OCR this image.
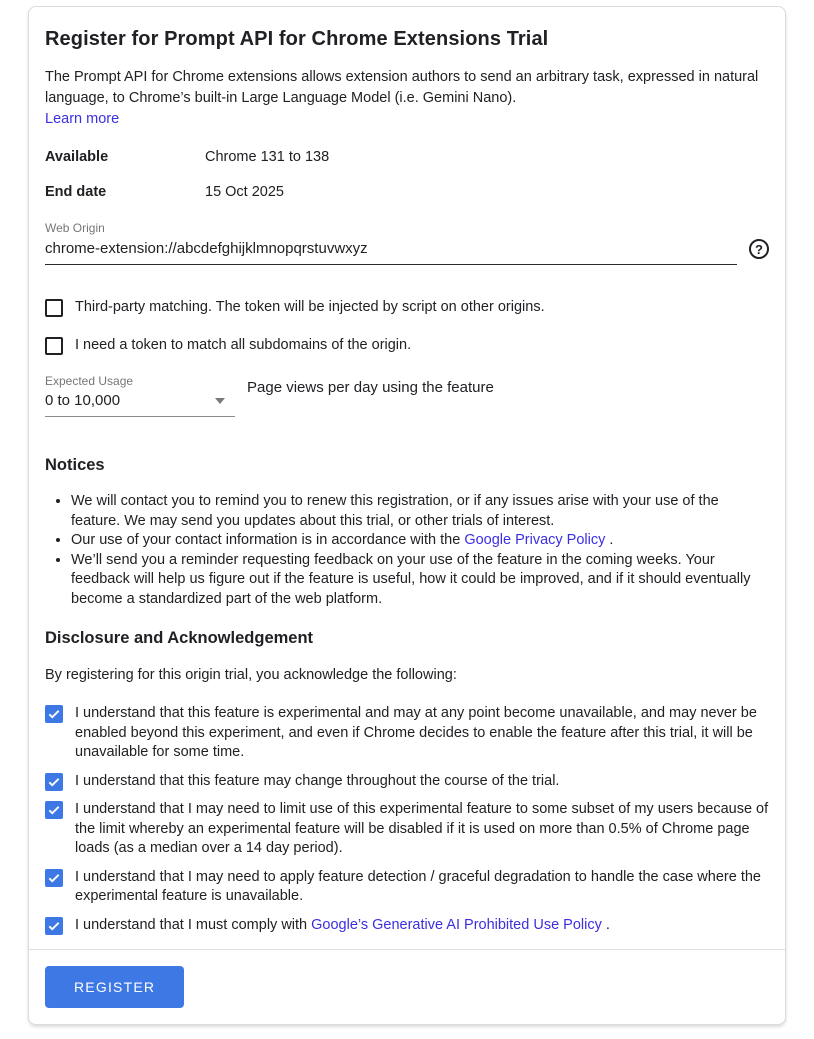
Register for Prompt API for Chrome Extensions Trial

The Prompt API for Chrome extensions allows extension authors to send an arbitrary task, expressed in natural language, to Chrome’s built-in Large Language Model (i.e. Gemini Nano).

Learn more
Available	Chrome 131 to 138
End date	15 Oct 2025
Web Origin
chrome-extension://abcdefghijklmnopqrstuvwxyz
?
Third-party matching. The token will be injected by script on other origins.
I need a token to match all subdomains of the origin.
Expected Usage
0 to 10,000
Page views per day using the feature
Notices
• We will contact you to remind you to renew this registration, or if any issues arise with your use of the feature. We may send you updates about this trial, or other trials of interest.
• Our use of your contact information is in accordance with the Google Privacy Policy .
• We’ll send you a reminder requesting feedback on your use of the feature in the coming weeks. Your feedback will help us figure out if the feature is useful, how it could be improved, and if it should eventually become a standardized part of the web platform.
Disclosure and Acknowledgement

By registering for this origin trial, you acknowledge the following:

I understand that this feature is experimental and may at any point become unavailable, and may never be enabled beyond this experiment, and even if Chrome decides to enable the feature after this trial, it will be unavailable for some time.
I understand that this feature may change throughout the course of the trial.
I understand that I may need to limit use of this experimental feature to some subset of my users because of the limit whereby an experimental feature will be disabled if it is used on more than 0.5% of Chrome page loads (as a median over a 14 day period).
I understand that I may need to apply feature detection / graceful degradation to handle the case where the experimental feature is unavailable.
I understand that I must comply with Google’s Generative AI Prohibited Use Policy .
REGISTER
